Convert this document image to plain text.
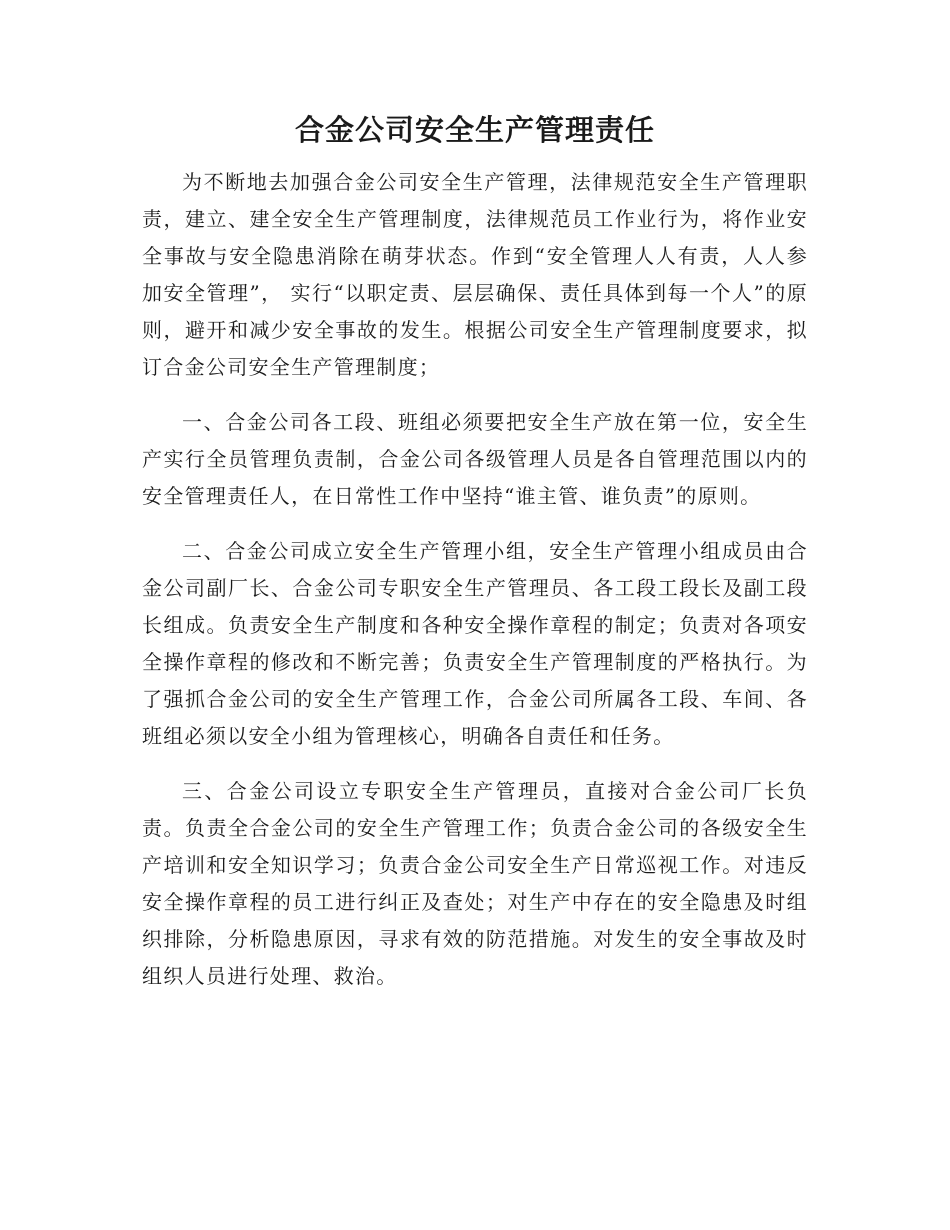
合金公司安全生产管理责任

为不断地去加强合金公司安全生产管理，法律规范安全生产管理职责，建立、建全安全生产管理制度，法律规范员工作业行为，将作业安全事故与安全隐患消除在萌芽状态。作到“安全管理人人有责，人人参加安全管理”， 实行“以职定责、层层确保、责任具体到每一个人”的原则，避开和减少安全事故的发生。根据公司安全生产管理制度要求，拟订合金公司安全生产管理制度；

一、合金公司各工段、班组必须要把安全生产放在第一位，安全生产实行全员管理负责制，合金公司各级管理人员是各自管理范围以内的安全管理责任人，在日常性工作中坚持“谁主管、谁负责”的原则。

二、合金公司成立安全生产管理小组，安全生产管理小组成员由合金公司副厂长、合金公司专职安全生产管理员、各工段工段长及副工段长组成。负责安全生产制度和各种安全操作章程的制定；负责对各项安全操作章程的修改和不断完善；负责安全生产管理制度的严格执行。为了强抓合金公司的安全生产管理工作，合金公司所属各工段、车间、各班组必须以安全小组为管理核心，明确各自责任和任务。

三、合金公司设立专职安全生产管理员，直接对合金公司厂长负责。负责全合金公司的安全生产管理工作；负责合金公司的各级安全生产培训和安全知识学习；负责合金公司安全生产日常巡视工作。对违反安全操作章程的员工进行纠正及查处；对生产中存在的安全隐患及时组织排除，分析隐患原因，寻求有效的防范措施。对发生的安全事故及时组织人员进行处理、救治。
